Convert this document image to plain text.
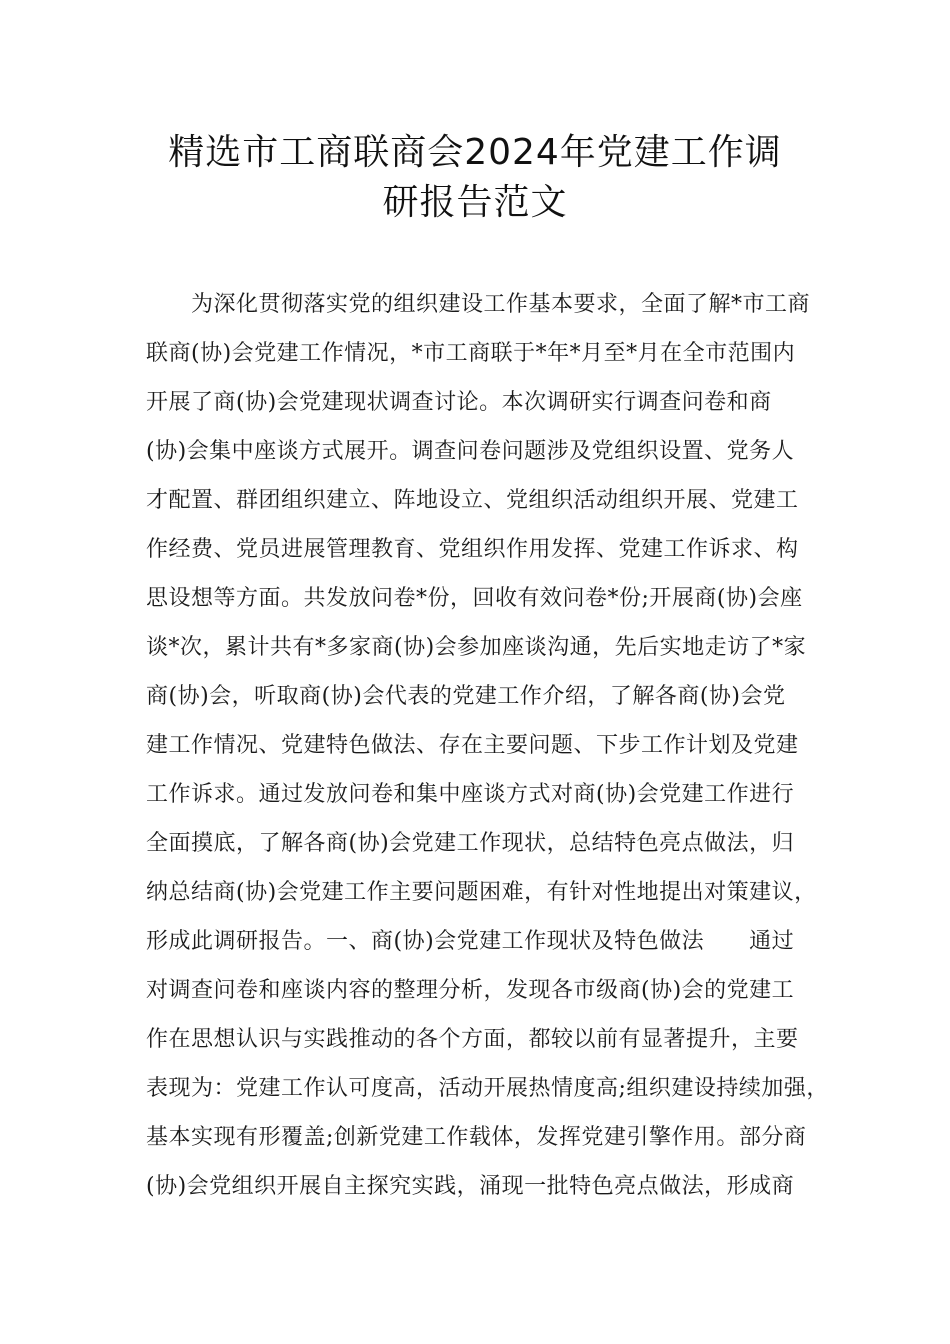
精选市工商联商会2024年党建工作调
研报告范文
　　为深化贯彻落实党的组织建设工作基本要求，全面了解*市工商
联商(协)会党建工作情况，*市工商联于*年*月至*月在全市范围内
开展了商(协)会党建现状调查讨论。本次调研实行调查问卷和商
(协)会集中座谈方式展开。调查问卷问题涉及党组织设置、党务人
才配置、群团组织建立、阵地设立、党组织活动组织开展、党建工
作经费、党员进展管理教育、党组织作用发挥、党建工作诉求、构
思设想等方面。共发放问卷*份，回收有效问卷*份;开展商(协)会座
谈*次，累计共有*多家商(协)会参加座谈沟通，先后实地走访了*家
商(协)会，听取商(协)会代表的党建工作介绍，了解各商(协)会党
建工作情况、党建特色做法、存在主要问题、下步工作计划及党建
工作诉求。通过发放问卷和集中座谈方式对商(协)会党建工作进行
全面摸底，了解各商(协)会党建工作现状，总结特色亮点做法，归
纳总结商(协)会党建工作主要问题困难，有针对性地提出对策建议，
形成此调研报告。一、商(协)会党建工作现状及特色做法　　通过
对调查问卷和座谈内容的整理分析，发现各市级商(协)会的党建工
作在思想认识与实践推动的各个方面，都较以前有显著提升，主要
表现为：党建工作认可度高，活动开展热情度高;组织建设持续加强，
基本实现有形覆盖;创新党建工作载体，发挥党建引擎作用。部分商
(协)会党组织开展自主探究实践，涌现一批特色亮点做法，形成商
